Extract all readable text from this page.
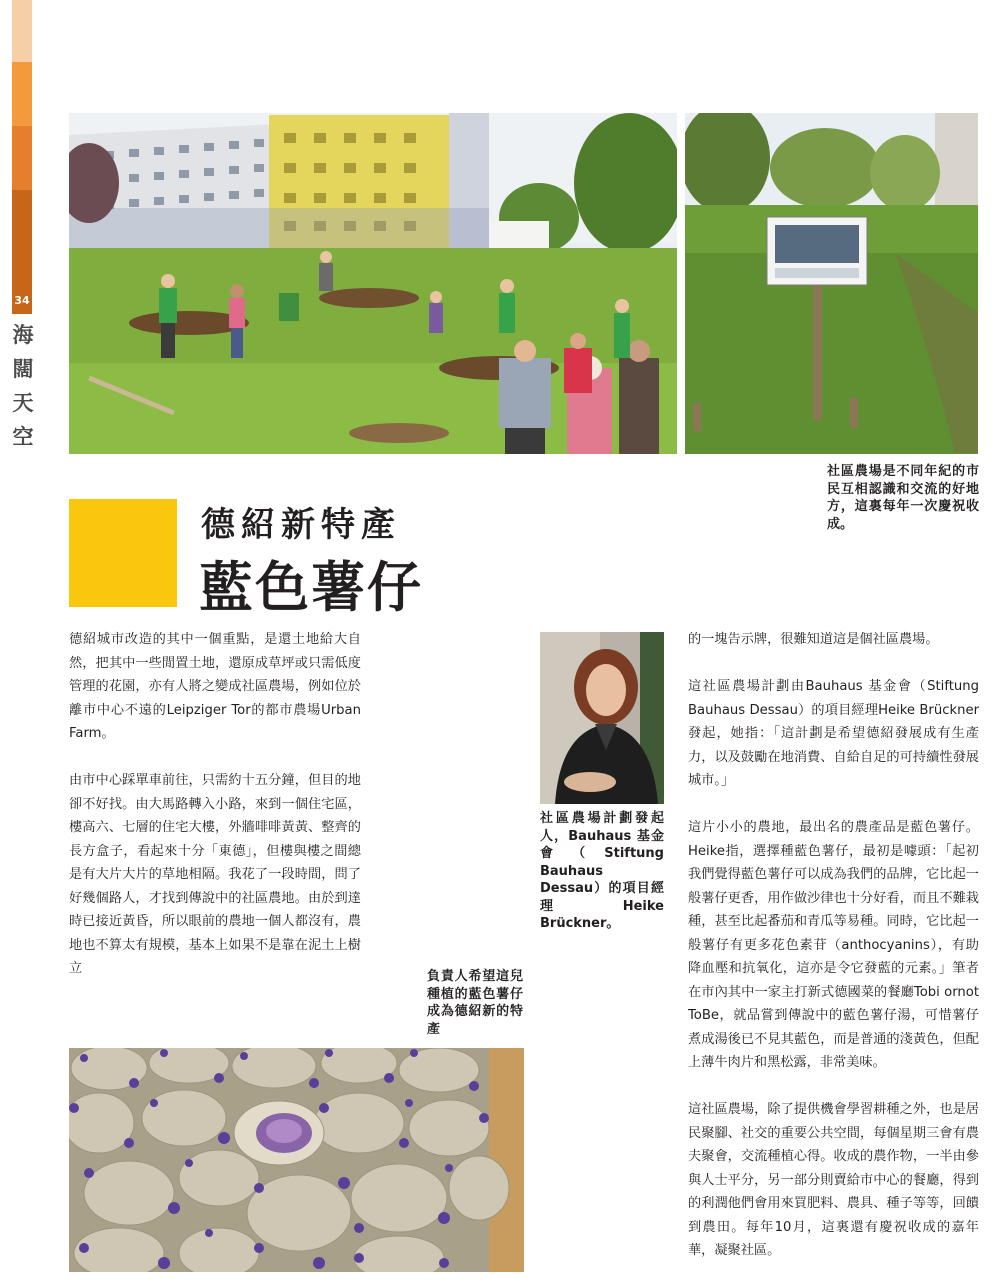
34
海
闊
天
空
社區農場是不同年紀的市民互相認識和交流的好地方，這裏每年一次慶祝收成。
德紹新特產
藍色薯仔

德紹城市改造的其中一個重點，是還土地給大自然，把其中一些閒置土地，還原成草坪或只需低度管理的花園，亦有人將之變成社區農場，例如位於離市中心不遠的Leipziger Tor的都市農場Urban Farm。

由市中心踩單車前往，只需約十五分鐘，但目的地卻不好找。由大馬路轉入小路，來到一個住宅區，樓高六、七層的住宅大樓，外牆啡啡黃黃、整齊的長方盒子，看起來十分「東德」，但樓與樓之間總是有大片大片的草地相隔。我花了一段時間，問了好幾個路人，才找到傳說中的社區農地。由於到達時已接近黃昏，所以眼前的農地一個人都沒有，農地也不算太有規模，基本上如果不是靠在泥土上樹立

社區農場計劃發起人，Bauhaus 基金會（Stiftung Bauhaus Dessau）的項目經理Heike Brückner。
負責人希望這兒種植的藍色薯仔成為德紹新的特產

的一塊告示牌，很難知道這是個社區農場。

這社區農場計劃由Bauhaus 基金會（Stiftung Bauhaus Dessau）的項目經理Heike Brückner發起，她指：「這計劃是希望德紹發展成有生產力，以及鼓勵在地消費、自給自足的可持續性發展城市。」

這片小小的農地，最出名的農產品是藍色薯仔。Heike指，選擇種藍色薯仔，最初是噱頭：「起初我們覺得藍色薯仔可以成為我們的品牌，它比起一般薯仔更香，用作做沙律也十分好看，而且不難栽種，甚至比起番茄和青瓜等易種。同時，它比起一般薯仔有更多花色素苷（anthocyanins），有助降血壓和抗氧化，這亦是令它發藍的元素。」筆者在市內其中一家主打新式德國菜的餐廳Tobi ornot ToBe，就品嘗到傳說中的藍色薯仔湯，可惜薯仔煮成湯後已不見其藍色，而是普通的淺黃色，但配上薄牛肉片和黑松露，非常美味。

這社區農場，除了提供機會學習耕種之外，也是居民聚腳、社交的重要公共空間，每個星期三會有農夫聚會，交流種植心得。收成的農作物，一半由參與人士平分，另一部分則賣給市中心的餐廳，得到的利潤他們會用來買肥料、農具、種子等等，回饋到農田。每年10月，這裏還有慶祝收成的嘉年華，凝聚社區。
